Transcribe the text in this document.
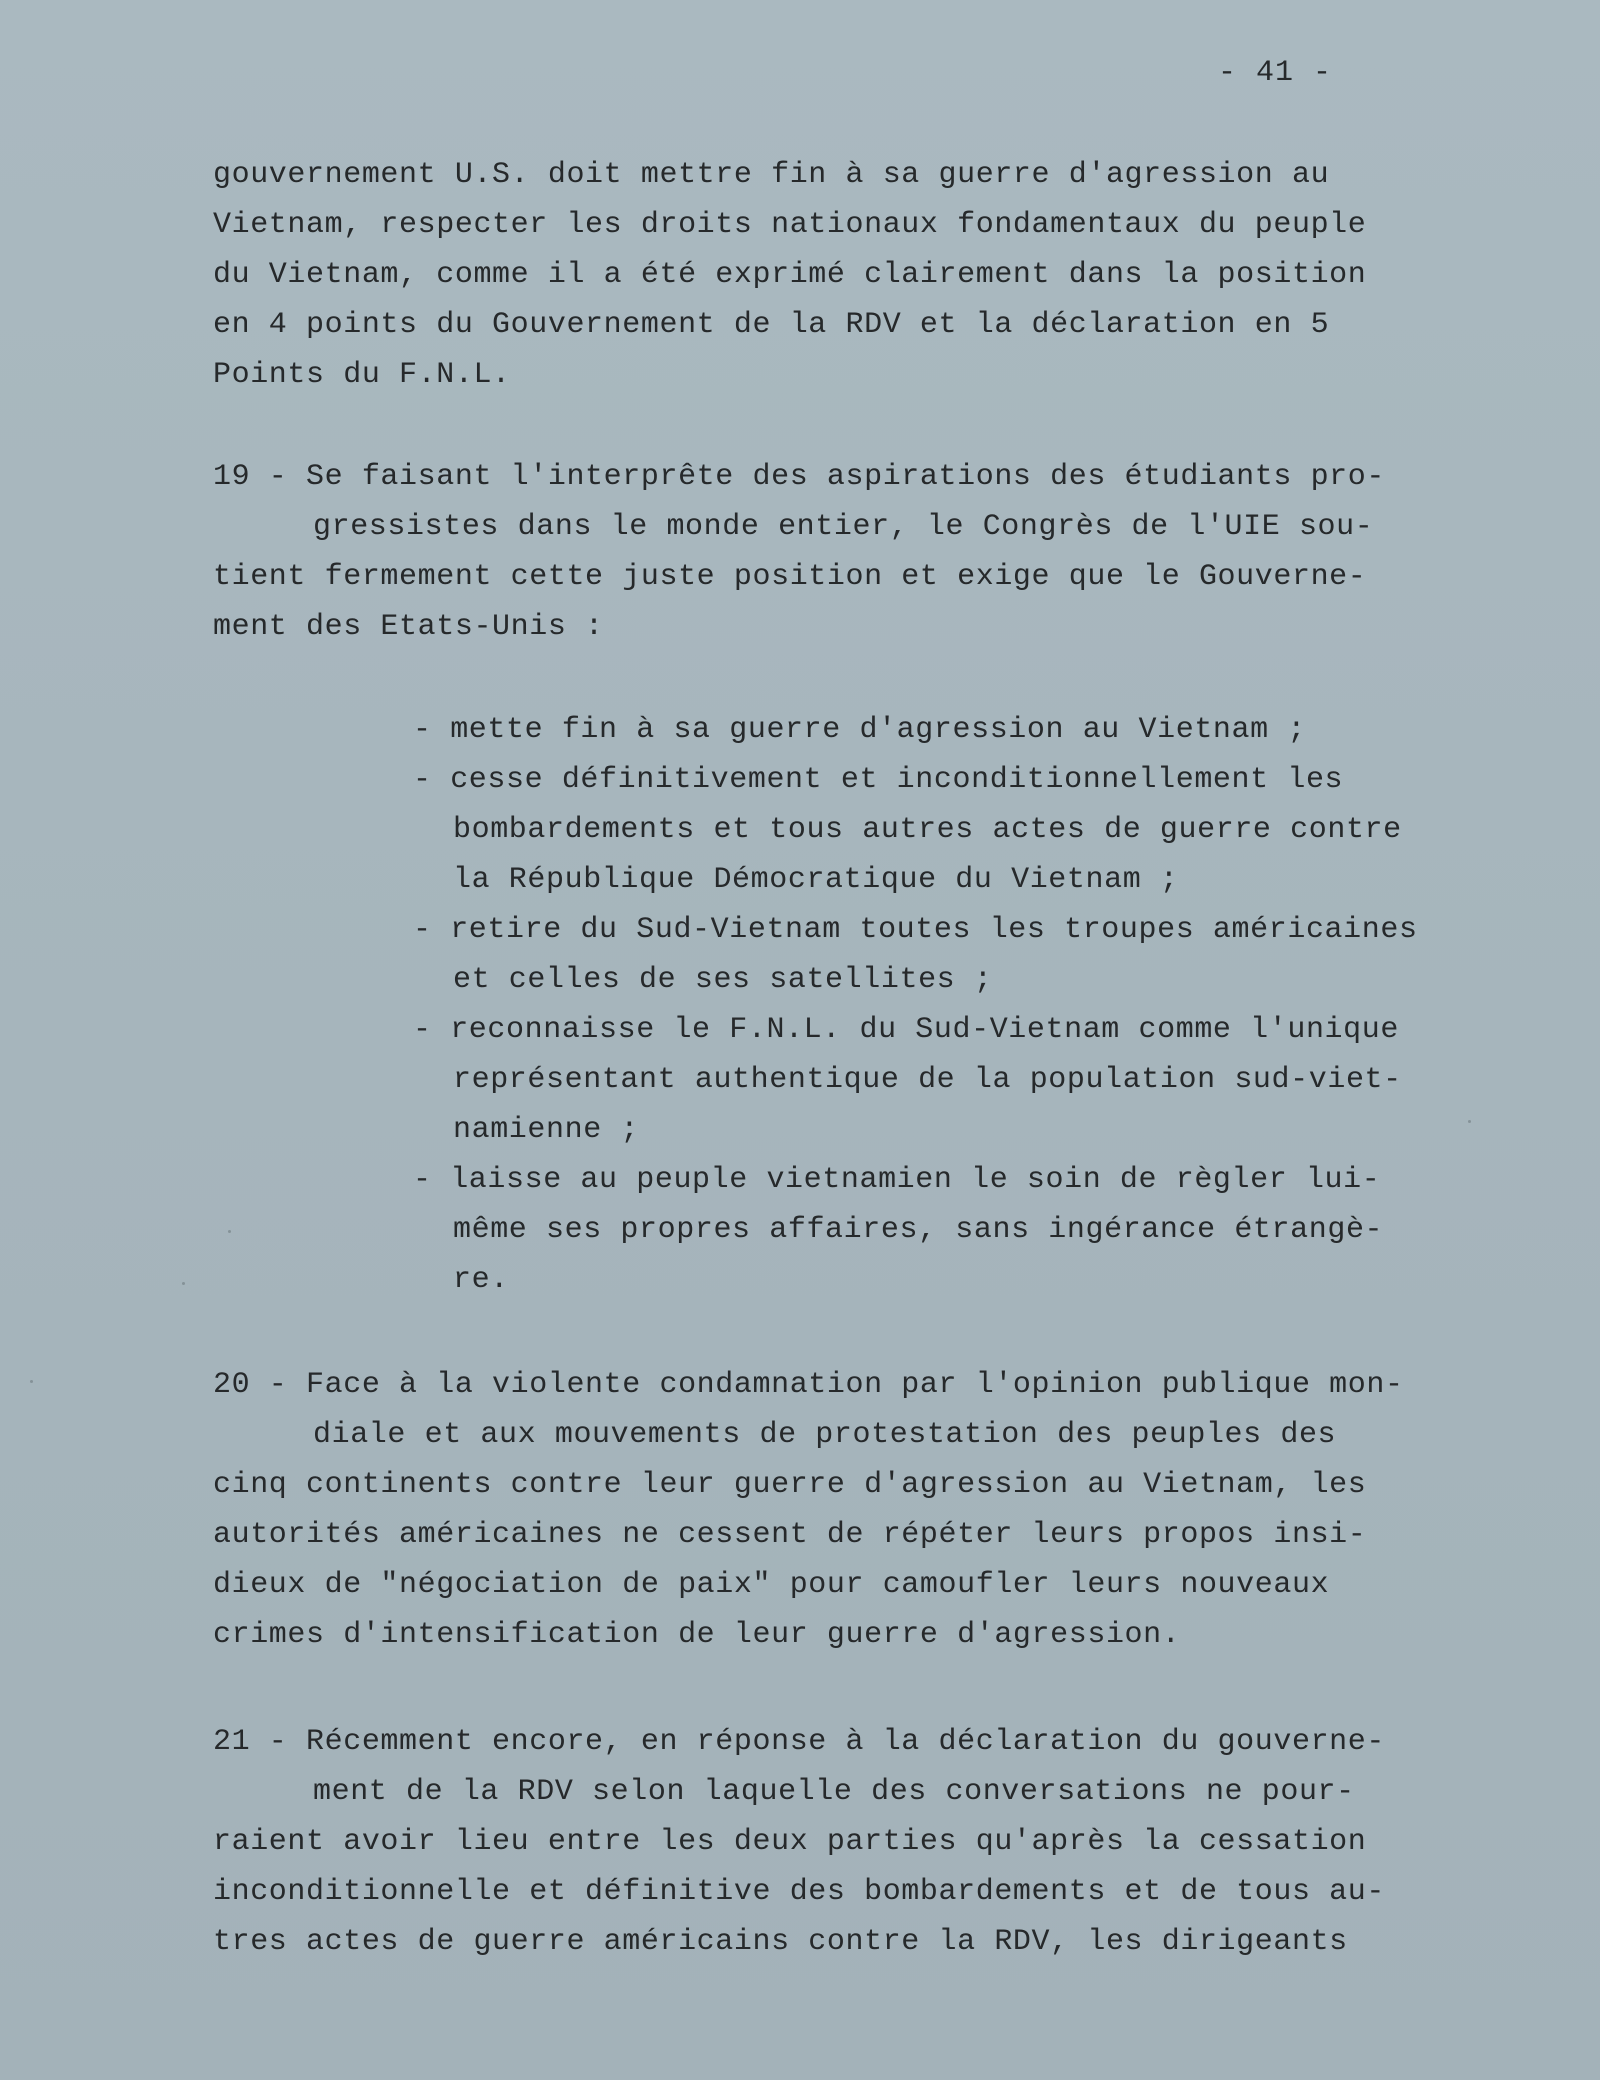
- 41 -
gouvernement U.S. doit mettre fin à sa guerre d'agression au
Vietnam, respecter les droits nationaux fondamentaux du peuple
du Vietnam, comme il a été exprimé clairement dans la position
en 4 points du Gouvernement de la RDV et la déclaration en 5
Points du F.N.L.
19 - Se faisant l'interprête des aspirations des étudiants pro-
gressistes dans le monde entier, le Congrès de l'UIE sou-
tient fermement cette juste position et exige que le Gouverne-
ment des Etats-Unis :
- mette fin à sa guerre d'agression au Vietnam ;
- cesse définitivement et inconditionnellement les
bombardements et tous autres actes de guerre contre
la République Démocratique du Vietnam ;
- retire du Sud-Vietnam toutes les troupes américaines
et celles de ses satellites ;
- reconnaisse le F.N.L. du Sud-Vietnam comme l'unique
représentant authentique de la population sud-viet-
namienne ;
- laisse au peuple vietnamien le soin de règler lui-
même ses propres affaires, sans ingérance étrangè-
re.
20 - Face à la violente condamnation par l'opinion publique mon-
diale et aux mouvements de protestation des peuples des
cinq continents contre leur guerre d'agression au Vietnam, les
autorités américaines ne cessent de répéter leurs propos insi-
dieux de "négociation de paix" pour camoufler leurs nouveaux
crimes d'intensification de leur guerre d'agression.
21 - Récemment encore, en réponse à la déclaration du gouverne-
ment de la RDV selon laquelle des conversations ne pour-
raient avoir lieu entre les deux parties qu'après la cessation
inconditionnelle et définitive des bombardements et de tous au-
tres actes de guerre américains contre la RDV, les dirigeants
